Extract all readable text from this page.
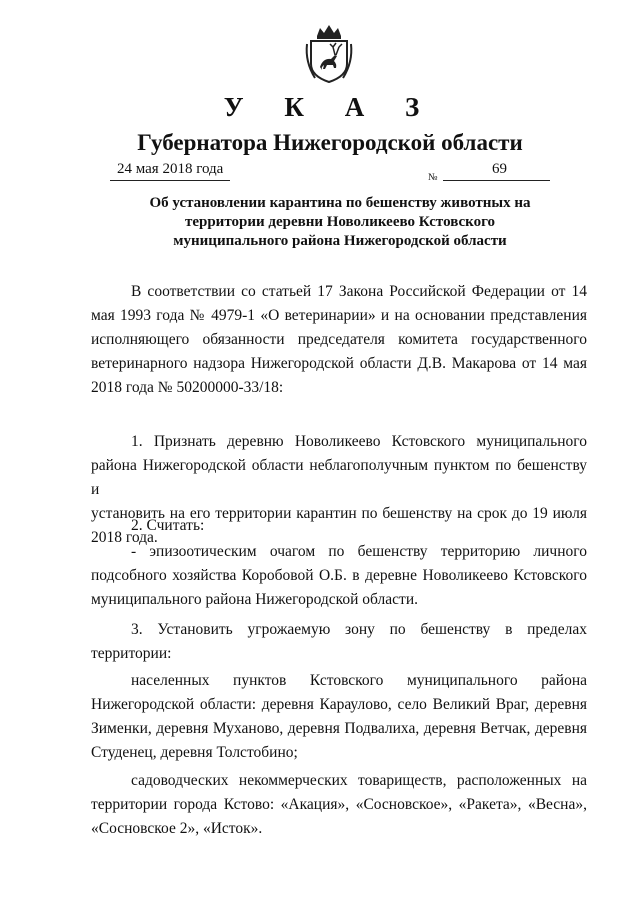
У К А З
Губернатора Нижегородской области
24 мая 2018 года
№
69
Об установлении карантина по бешенству животных на
территории деревни Новоликеево Кстовского
муниципального района Нижегородской области
В соответствии со статьей 17 Закона Российской Федерации от 14
мая 1993 года № 4979-1 «О ветеринарии» и на основании представления
исполняющего обязанности председателя комитета государственного
ветеринарного надзора Нижегородской области Д.В. Макарова от 14 мая
2018 года № 50200000-33/18:
1. Признать деревню Новоликеево Кстовского муниципального
района Нижегородской области неблагополучным пунктом по бешенству и
установить на его территории карантин по бешенству на срок до 19 июля
2018 года.
2. Считать:
- эпизоотическим очагом по бешенству территорию личного
подсобного хозяйства Коробовой О.Б. в деревне Новоликеево Кстовского
муниципального района Нижегородской области.
3. Установить угрожаемую зону по бешенству в пределах
территории:
населенных пунктов Кстовского муниципального района
Нижегородской области: деревня Караулово, село Великий Враг, деревня
Зименки, деревня Муханово, деревня Подвалиха, деревня Ветчак, деревня
Студенец, деревня Толстобино;
садоводческих некоммерческих товариществ, расположенных на
территории города Кстово: «Акация», «Сосновское», «Ракета», «Весна»,
«Сосновское 2», «Исток».
